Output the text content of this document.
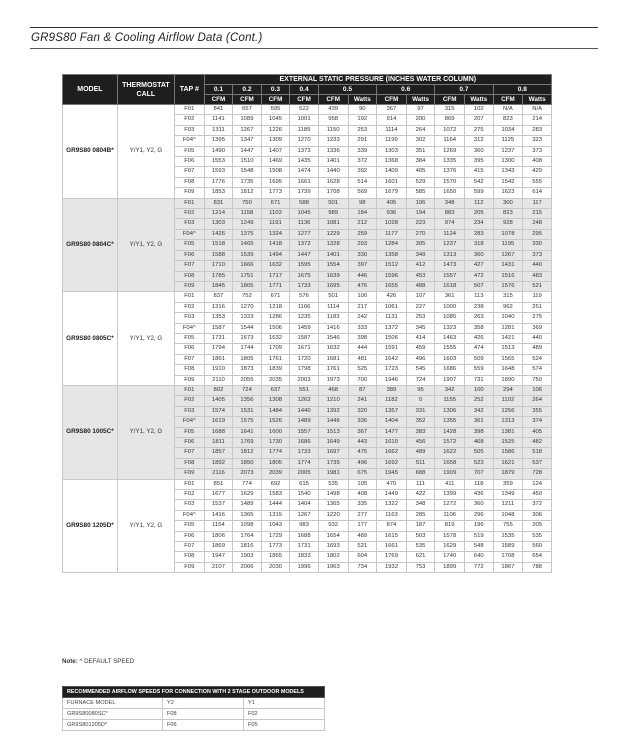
GR9S80 Fan & Cooling Airflow Data (Cont.)
MODEL	THERMOSTAT CALL	TAP #	EXTERNAL STATIC PRESSURE (INCHES WATER COLUMN)											
			0.1	0.2	0.3	0.4	0.5		0.6		0.7		0.8	
			CFM	CFM	CFM	CFM	CFM	Watts	CFM	Watts	CFM	Watts	CFM	Watts
GR9S80 0804B*	Y/Y1, Y2, G	F01	841	657	595	522	439	90	367	97	315	102	N/A	N/A
		F02	1141	1089	1045	1001	958	192	914	200	869	207	823	214
		F03	1311	1267	1226	1189	1150	253	1114	264	1072	275	1034	283
		F04^	1395	1347	1309	1270	1233	291	1199	302	1164	312	1125	323
		F05	1490	1447	1407	1373	1336	339	1303	351	1269	360	1237	373
		F06	1553	1510	1469	1435	1401	372	1368	384	1335	395	1300	408
		F07	1593	1548	1508	1474	1440	392	1409	405	1376	415	1343	429
		F08	1776	1735	1695	1661	1628	514	1601	529	1570	542	1542	555
		F09	1853	1812	1773	1739	1708	569	1679	585	1650	599	1623	614
GR9S80 0804C*	Y/Y1, Y2, G	F01	831	750	671	588	501	98	405	106	348	112	300	117
		F02	1214	1158	1103	1045	989	184	936	194	883	205	823	215
		F03	1303	1249	1191	1136	1081	212	1028	223	974	234	928	248
		F04^	1426	1375	1324	1277	1229	259	1177	270	1124	283	1078	295
		F05	1518	1465	1418	1372	1328	293	1284	305	1237	318	1195	330
		F06	1588	1539	1494	1447	1401	330	1358	349	1313	360	1267	373
		F07	1710	1666	1632	1595	1554	397	1512	412	1473	427	1431	440
		F08	1785	1751	1717	1675	1639	446	1596	453	1557	472	1516	483
		F09	1845	1805	1771	1733	1695	476	1655	488	1618	507	1576	521
GR9S80 0805C*	Y/Y1, Y2, G	F01	837	752	671	576	501	100	426	107	361	113	315	119
		F02	1316	1270	1218	1166	1114	217	1061	227	1000	238	962	251
		F03	1353	1323	1286	1235	1183	242	1131	253	1085	263	1040	275
		F04^	1587	1544	1506	1459	1416	333	1372	345	1323	358	1281	369
		F05	1731	1673	1632	1587	1546	398	1506	414	1463	426	1421	440
		F06	1794	1744	1709	1671	1632	444	1591	459	1555	474	1513	489
		F07	1861	1805	1761	1720	1681	481	1642	496	1603	509	1565	524
		F08	1910	1873	1839	1798	1761	525	1723	545	1686	559	1648	574
		F09	2110	2055	2035	2003	1973	700	1946	724	1907	731	1890	750
GR9S80 1005C*	Y/Y1, Y2, G	F01	802	724	637	551	468	87	389	95	342	100	294	106
		F02	1405	1356	1308	1262	1210	241	1182	0	1155	252	1102	264
		F03	1574	1531	1484	1440	1392	320	1357	331	1306	342	1256	355
		F04^	1619	1575	1526	1489	1446	336	1404	352	1355	361	1313	374
		F05	1688	1641	1600	1557	1513	367	1477	383	1428	398	1381	405
		F06	1811	1769	1730	1686	1649	443	1610	456	1572	468	1525	482
		F07	1857	1812	1774	1733	1697	475	1662	489	1622	505	1586	518
		F08	1892	1850	1805	1774	1735	496	1692	511	1658	523	1621	537
		F09	2116	2073	2039	2005	1981	675	1945	688	1909	707	1879	728
GR9S80 1205D*	Y/Y1, Y2, G	F01	851	774	692	615	535	105	470	111	411	118	359	124
		F02	1677	1629	1583	1540	1498	408	1449	422	1399	436	1349	450
		F03	1537	1489	1444	1404	1365	335	1322	348	1272	360	1211	372
		F04^	1416	1365	1315	1267	1220	277	1163	285	1106	296	1048	306
		F05	1154	1098	1043	983	932	177	874	187	819	196	755	205
		F06	1806	1764	1729	1688	1654	489	1615	503	1578	519	1535	535
		F07	1869	1816	1773	1731	1693	521	1661	535	1629	548	1589	560
		F08	1947	1903	1865	1833	1802	604	1769	621	1740	640	1708	654
		F09	2107	2066	2030	1996	1963	734	1932	753	1899	772	1867	788
Note: ^ DEFAULT SPEED
RECOMMENDED AIRFLOW SPEEDS FOR CONNECTION WITH 2 STAGE OUTDOOR MODELS		
FURNACE MODEL	Y2	Y1
GR9S80080SC*	F08	F02
GR9S801205D*	F06	F05
